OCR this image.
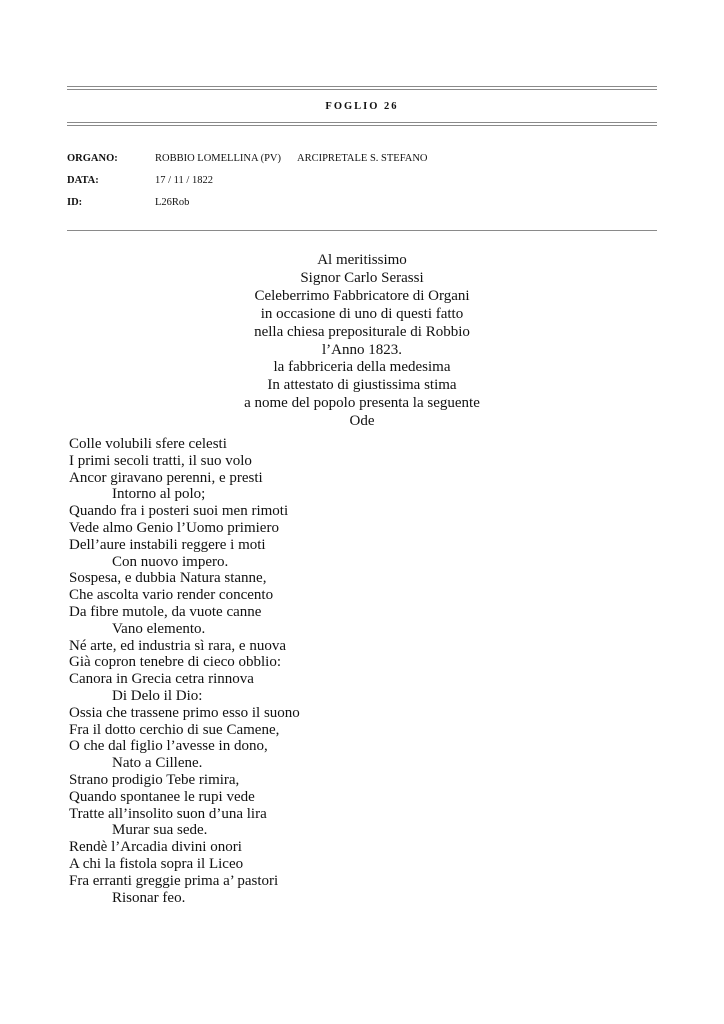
FOGLIO 26
ORGANO:	ROBBIO LOMELLINA (PV) ARCIPRETALE S. STEFANO
DATA:	17 / 11 / 1822
ID:	L26Rob
Al meritissimo
Signor Carlo Serassi
Celeberrimo Fabbricatore di Organi
in occasione di uno di questi fatto
nella chiesa prepositurale di Robbio
l’Anno 1823.
la fabbriceria della medesima
In attestato di giustissima stima
a nome del popolo presenta la seguente
Ode
Colle volubili sfere celesti
I primi secoli tratti, il suo volo
Ancor giravano perenni, e presti
Intorno al polo;
Quando fra i posteri suoi men rimoti
Vede almo Genio l’Uomo primiero
Dell’aure instabili reggere i moti
Con nuovo impero.
Sospesa, e dubbia Natura stanne,
Che ascolta vario render concento
Da fibre mutole, da vuote canne
Vano elemento.
Né arte, ed industria sì rara, e nuova
Già copron tenebre di cieco obblio:
Canora in Grecia cetra rinnova
Di Delo il Dio:
Ossia che trassene primo esso il suono
Fra il dotto cerchio di sue Camene,
O che dal figlio l’avesse in dono,
Nato a Cillene.
Strano prodigio Tebe rimira,
Quando spontanee le rupi vede
Tratte all’insolito suon d’una lira
Murar sua sede.
Rendè l’Arcadia divini onori
A chi la fistola sopra il Liceo
Fra erranti greggie prima a’ pastori
Risonar feo.
